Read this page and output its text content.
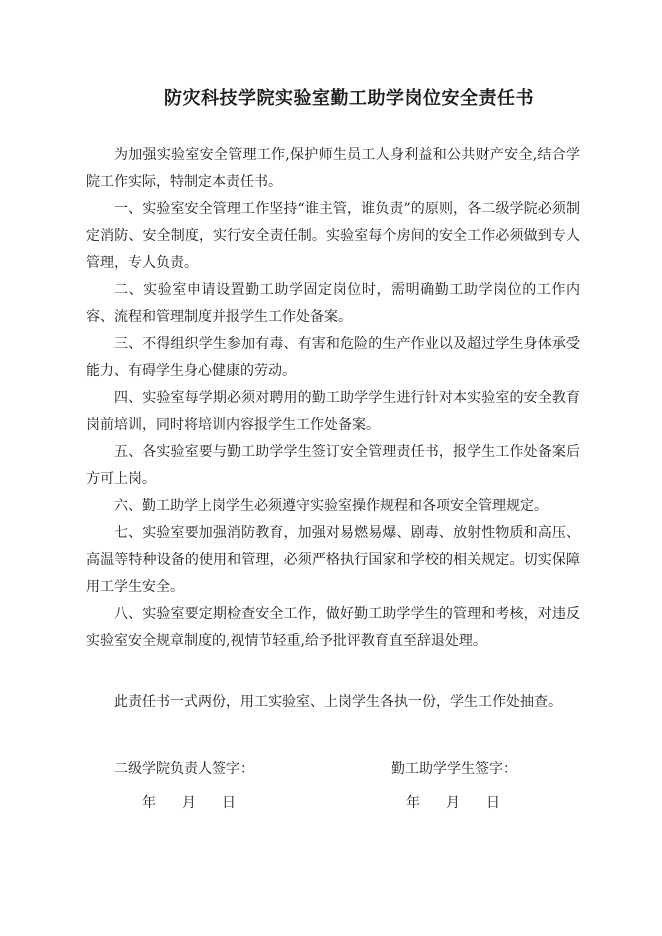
防灾科技学院实验室勤工助学岗位安全责任书

为加强实验室安全管理工作,保护师生员工人身利益和公共财产安全,结合学院工作实际，特制定本责任书。

一、实验室安全管理工作坚持“谁主管，谁负责”的原则，各二级学院必须制定消防、安全制度，实行安全责任制。实验室每个房间的安全工作必须做到专人管理，专人负责。

二、实验室申请设置勤工助学固定岗位时，需明确勤工助学岗位的工作内容、流程和管理制度并报学生工作处备案。

三、不得组织学生参加有毒、有害和危险的生产作业以及超过学生身体承受能力、有碍学生身心健康的劳动。

四、实验室每学期必须对聘用的勤工助学学生进行针对本实验室的安全教育岗前培训，同时将培训内容报学生工作处备案。

五、各实验室要与勤工助学学生签订安全管理责任书，报学生工作处备案后方可上岗。

六、勤工助学上岗学生必须遵守实验室操作规程和各项安全管理规定。

七、实验室要加强消防教育，加强对易燃易爆、剧毒、放射性物质和高压、高温等特种设备的使用和管理，必须严格执行国家和学校的相关规定。切实保障用工学生安全。

八、实验室要定期检查安全工作，做好勤工助学学生的管理和考核，对违反实验室安全规章制度的,视情节轻重,给予批评教育直至辞退处理。

此责任书一式两份，用工实验室、上岗学生各执一份，学生工作处抽查。

二级学院负责人签字：	勤工助学学生签字：

年 月 日	年 月 日
